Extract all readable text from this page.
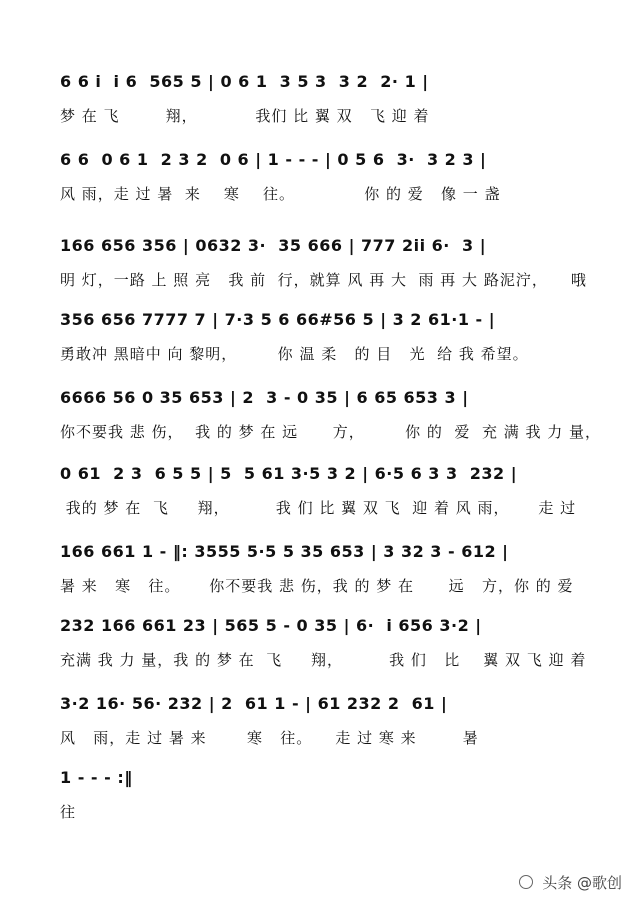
6 6 i  i 6  565 5 | 0 6 1  3 5 3  3 2  2· 1 |
梦 在 飞        翔，          我们 比 翼 双   飞 迎 着
6 6  0 6 1  2 3 2  0 6 | 1 - - - | 0 5 6  3·  3 2 3 |
风 雨，走 过 暑  来    寒    往。            你 的 爱   像 一 盏
166 656 356 | 0632 3·  35 666 | 777 2ii 6·  3 |
明 灯，一路 上 照 亮   我 前  行，就算 风 再 大  雨 再 大 路泥泞，    哦
356 656 7777 7 | 7·3 5 6 66#56 5 | 3 2 61·1 - |
勇敢冲 黑暗中 向 黎明，       你 温 柔   的 目   光  给 我 希望。
6666 56 0 35 653 | 2  3 - 0 35 | 6 65 653 3 |
你不要我 悲 伤，  我 的 梦 在 远      方，       你 的  爱  充 满 我 力 量，
0 61  2 3  6 5 5 | 5  5 61 3·5 3 2 | 6·5 6 3 3  232 |
我的 梦 在  飞     翔，        我 们 比 翼 双 飞  迎 着 风 雨，     走 过
166 661 1 - ‖: 3555 5·5 5 35 653 | 3 32 3 - 612 |
暑 来   寒   往。     你不要我 悲 伤，我 的 梦 在      远   方，你 的 爱
232 166 661 23 | 565 5 - 0 35 | 6·  i 656 3·2 |
充满 我 力 量，我 的 梦 在  飞     翔，        我 们   比    翼 双 飞 迎 着
3·2 16· 56· 232 | 2  61 1 - | 61 232 2  61 |
风   雨，走 过 暑 来       寒   往。    走 过 寒 来        暑
1 - - - :‖
往
头条 @歌创
